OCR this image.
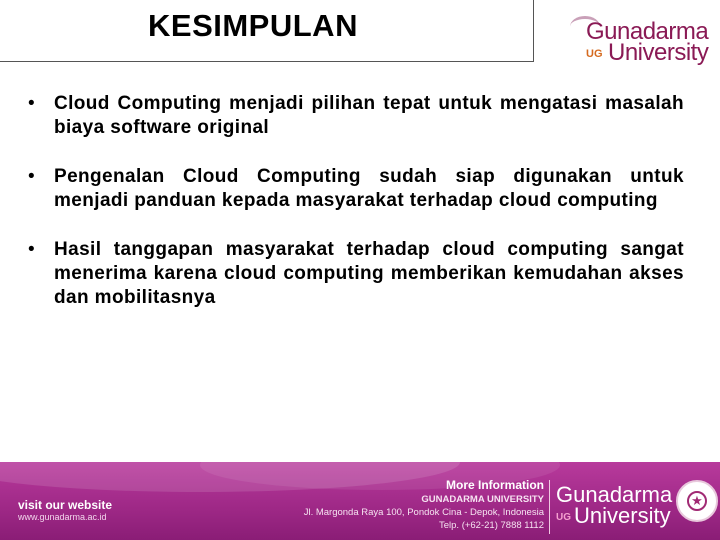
KESIMPULAN	Gunadarma
UG University
• Cloud Computing menjadi pilihan tepat untuk mengatasi masalah biaya software original
• Pengenalan Cloud Computing sudah siap digunakan untuk menjadi panduan kepada masyarakat terhadap cloud computing
• Hasil tanggapan masyarakat terhadap cloud computing sangat menerima karena cloud computing memberikan kemudahan akses dan mobilitasnya
visit our website
www.gunadarma.ac.id
More Information
GUNADARMA UNIVERSITY
Jl. Margonda Raya 100, Pondok Cina - Depok, Indonesia
Telp. (+62-21) 7888 1112
Gunadarma
UG University
★
